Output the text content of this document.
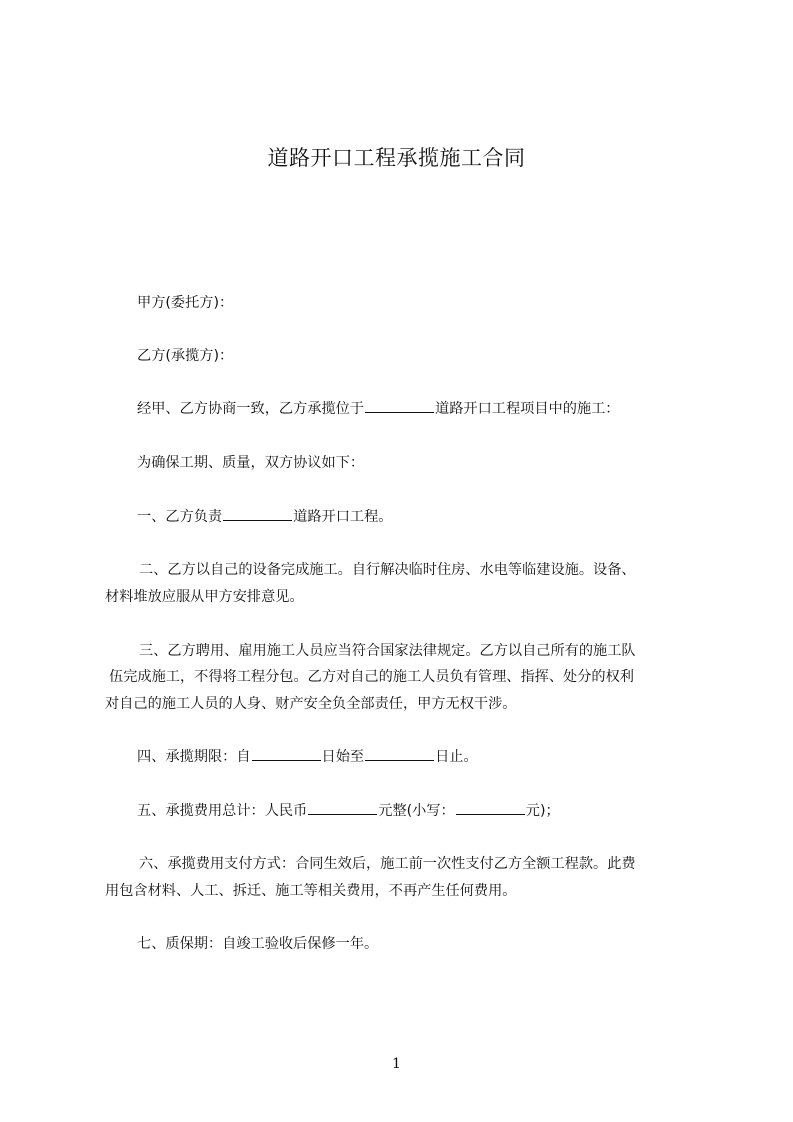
道路开口工程承揽施工合同
甲方(委托方)：
乙方(承揽方)：
经甲、乙方协商一致，乙方承揽位于	道路开口工程项目中的施工：
为确保工期、质量，双方协议如下：
一、乙方负责	道路开口工程。
二、乙方以自己的设备完成施工。自行解决临时住房、水电等临建设施。设备、
材料堆放应服从甲方安排意见。
三、乙方聘用、雇用施工人员应当符合国家法律规定。乙方以自己所有的施工队
伍完成施工，不得将工程分包。乙方对自己的施工人员负有管理、指挥、处分的权利
对自己的施工人员的人身、财产安全负全部责任，甲方无权干涉。
四、承揽期限：自	日始至	日止。
五、承揽费用总计：人民币	元整(小写：	元)；
六、承揽费用支付方式：合同生效后，施工前一次性支付乙方全额工程款。此费
用包含材料、人工、拆迁、施工等相关费用，不再产生任何费用。
七、质保期：自竣工验收后保修一年。
1
